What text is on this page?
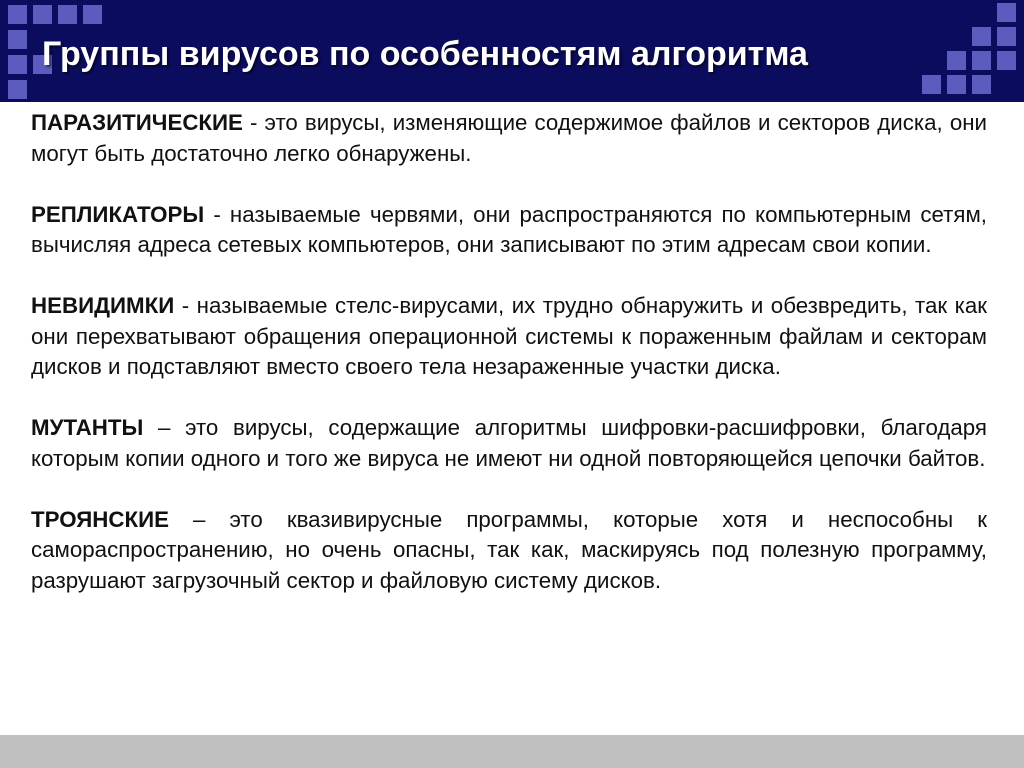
Группы вирусов по особенностям алгоритма

ПАРАЗИТИЧЕСКИЕ - это вирусы, изменяющие содержимое файлов и секторов диска, они могут быть достаточно легко обнаружены.

РЕПЛИКАТОРЫ - называемые червями, они распространяются по компьютерным сетям, вычисляя адреса сетевых компьютеров, они записывают по этим адресам свои копии.

НЕВИДИМКИ - называемые стелс-вирусами, их трудно обнаружить и обезвредить, так как они перехватывают обращения операционной системы к пораженным файлам и секторам дисков и подставляют вместо своего тела незараженные участки диска.

МУТАНТЫ – это вирусы, содержащие алгоритмы шифровки-расшифровки, благодаря которым копии одного и того же вируса не имеют ни одной повторяющейся цепочки байтов.

ТРОЯНСКИЕ – это квазивирусные программы, которые хотя и неспособны к самораспространению, но очень опасны, так как, маскируясь под полезную программу, разрушают загрузочный сектор и файловую систему дисков.
